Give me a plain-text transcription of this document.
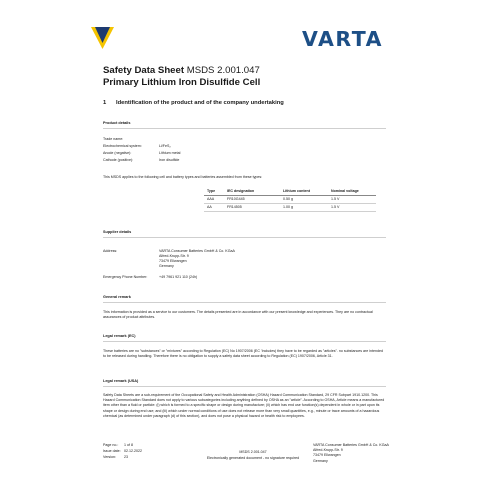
VARTA
Safety Data Sheet MSDS 2.001.047
Primary Lithium Iron Disulfide Cell
1 Identification of the product and of the company undertaking
Product details
Trade name:
Electrochemical system:	Li/FeS₂
Anode (negative):	Lithium metal
Cathode (positive):	Iron disulfide
This MSDS applies to the following cell and battery types and batteries assembled from these types:
Type	IEC designation	Lithium content	Nominal voltage
AAA	FR10G445	0.50 g	1.5 V
AA	FR14505	1.00 g	1.5 V
Supplier details
Address:	VARTA Consumer Batteries GmbH & Co. KGaA
Alfred-Krupp-Str. 9
73479 Ellwangen
Germany
Emergency Phone Number:	+49 7961 921 110 (24h)
General remark
This information is provided as a service to our customers. The details presented are in accordance with our present knowledge and experiences. They are no contractual assurances of product attributes.
Legal remark (EC)
These batteries are no "substances" or "mixtures" according to Regulation (EC) No 1907/2006 (EC 'Includes) they have to be regarded as "articles". no substances are intended to be released during handling. Therefore there is no obligation to supply a safety data sheet according to Regulation (EC) 1907/2006, Article 31.
Legal remark (USA)
Safety Data Sheets are a sub-requirement of the Occupational Safety and Health Administration (OSHA) Hazard Communication Standard, 29 CFR Subpart 1910.1200. This Hazard Communication Standard does not apply to various subcategories including anything defined by OSHA as an "article". According to OSHA, Article means a manufactured item other than a fluid or particle: (i) which is formed to a specific shape or design during manufacture; (ii) which has end use function(s) dependent in whole or in part upon its shape or design during end use; and (iii) which under normal conditions of use does not release more than very small quantities, e.g., minute or trace amounts of a hazardous chemical (as determined under paragraph (d) of this section), and does not pose a physical hazard or health risk to employees.
Page no.: 1 of 8
Issue date: 02.12.2022
Version: 23
MSDS 2.001.047
Electronically generated document - no signature required
VARTA Consumer Batteries GmbH & Co. KGaA
Alfred-Krupp-Str. 9
73479 Ellwangen
Germany
